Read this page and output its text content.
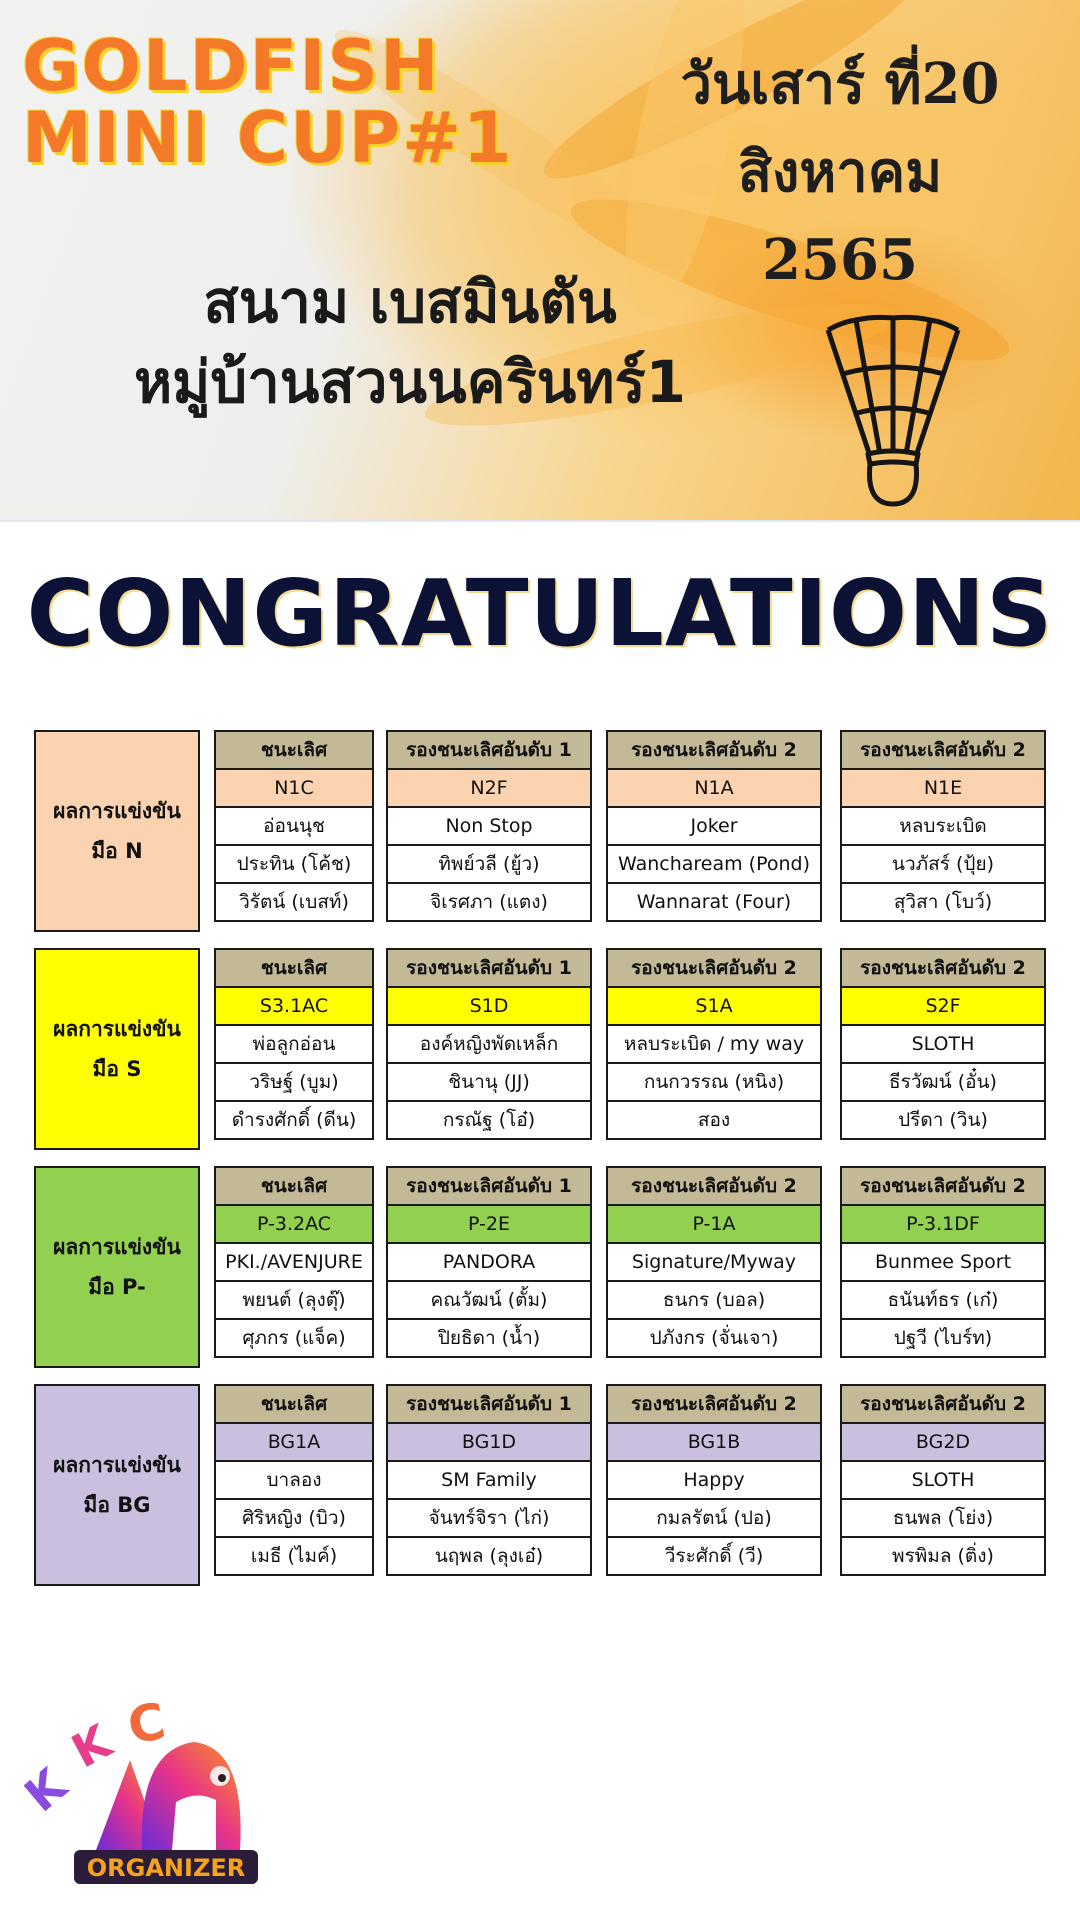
GOLDFISH
MINI CUP#1
วันเสาร์ ที่20
สิงหาคม
2565
สนาม เบสมินตัน
หมู่บ้านสวนนครินทร์1
CONGRATULATIONS
ผลการแข่งขัน
มือ N
ชนะเลิศ
N1C
อ่อนนุช
ประทิน (โค้ช)
วิรัตน์ (เบสท์)
รองชนะเลิศอันดับ 1
N2F
Non Stop
ทิพย์วลี (ยู้ว)
จิเรศภา (แตง)
รองชนะเลิศอันดับ 2
N1A
Joker
Wanchaream (Pond)
Wannarat (Four)
รองชนะเลิศอันดับ 2
N1E
หลบระเบิด
นวภัสร์ (ปุ้ย)
สุวิสา (โบว์)
ผลการแข่งขัน
มือ S
ชนะเลิศ
S3.1AC
พ่อลูกอ่อน
วริษฐ์ (บูม)
ดำรงศักดิ์ (ดีน)
รองชนะเลิศอันดับ 1
S1D
องค์หญิงพัดเหล็ก
ชินานุ (JJ)
กรณัฐ (โอ๋)
รองชนะเลิศอันดับ 2
S1A
หลบระเบิด / my way
กนกวรรณ (หนิง)
สอง
รองชนะเลิศอันดับ 2
S2F
SLOTH
ธีรวัฒน์ (อั๋น)
ปรีดา (วิน)
ผลการแข่งขัน
มือ P-
ชนะเลิศ
P-3.2AC
PKI./AVENJURE
พยนต์ (ลุงตุ๊)
ศุภกร (แจ็ค)
รองชนะเลิศอันดับ 1
P-2E
PANDORA
คณวัฒน์ (ตั้ม)
ปิยธิดา (น้ำ)
รองชนะเลิศอันดับ 2
P-1A
Signature/Myway
ธนกร (บอล)
ปภังกร (จั่นเจา)
รองชนะเลิศอันดับ 2
P-3.1DF
Bunmee Sport
ธนันท์ธร (เก๋)
ปฐวี (ไบร์ท)
ผลการแข่งขัน
มือ BG
ชนะเลิศ
BG1A
บาลอง
ศิริหญิง (บิว)
เมธี (ไมค์)
รองชนะเลิศอันดับ 1
BG1D
SM Family
จันทร์จิรา (ไก่)
นฤพล (ลุงเอ๋)
รองชนะเลิศอันดับ 2
BG1B
Happy
กมลรัตน์ (ปอ)
วีระศักดิ์ (วี)
รองชนะเลิศอันดับ 2
BG2D
SLOTH
ธนพล (โย่ง)
พรพิมล (ติ่ง)
K
K C
ORGANIZER
